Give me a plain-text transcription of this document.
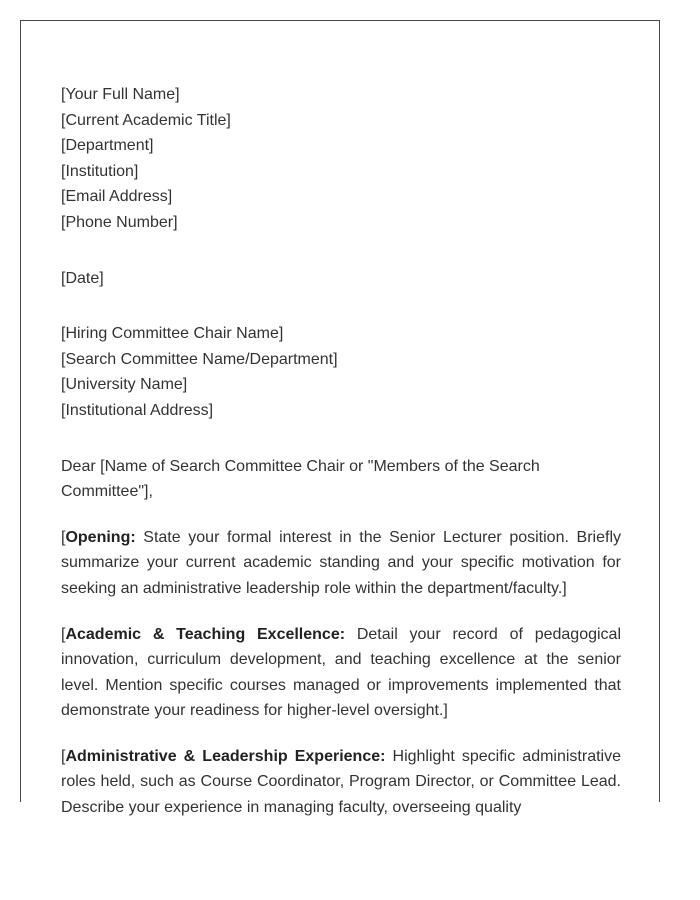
[Your Full Name]
[Current Academic Title]
[Department]
[Institution]
[Email Address]
[Phone Number]
[Date]
[Hiring Committee Chair Name]
[Search Committee Name/Department]
[University Name]
[Institutional Address]

Dear [Name of Search Committee Chair or "Members of the Search Committee"],

[Opening: State your formal interest in the Senior Lecturer position. Briefly summarize your current academic standing and your specific motivation for seeking an administrative leadership role within the department/faculty.]

[Academic & Teaching Excellence: Detail your record of pedagogical innovation, curriculum development, and teaching excellence at the senior level. Mention specific courses managed or improvements implemented that demonstrate your readiness for higher-level oversight.]

[Administrative & Leadership Experience: Highlight specific administrative roles held, such as Course Coordinator, Program Director, or Committee Lead. Describe your experience in managing faculty, overseeing quality
